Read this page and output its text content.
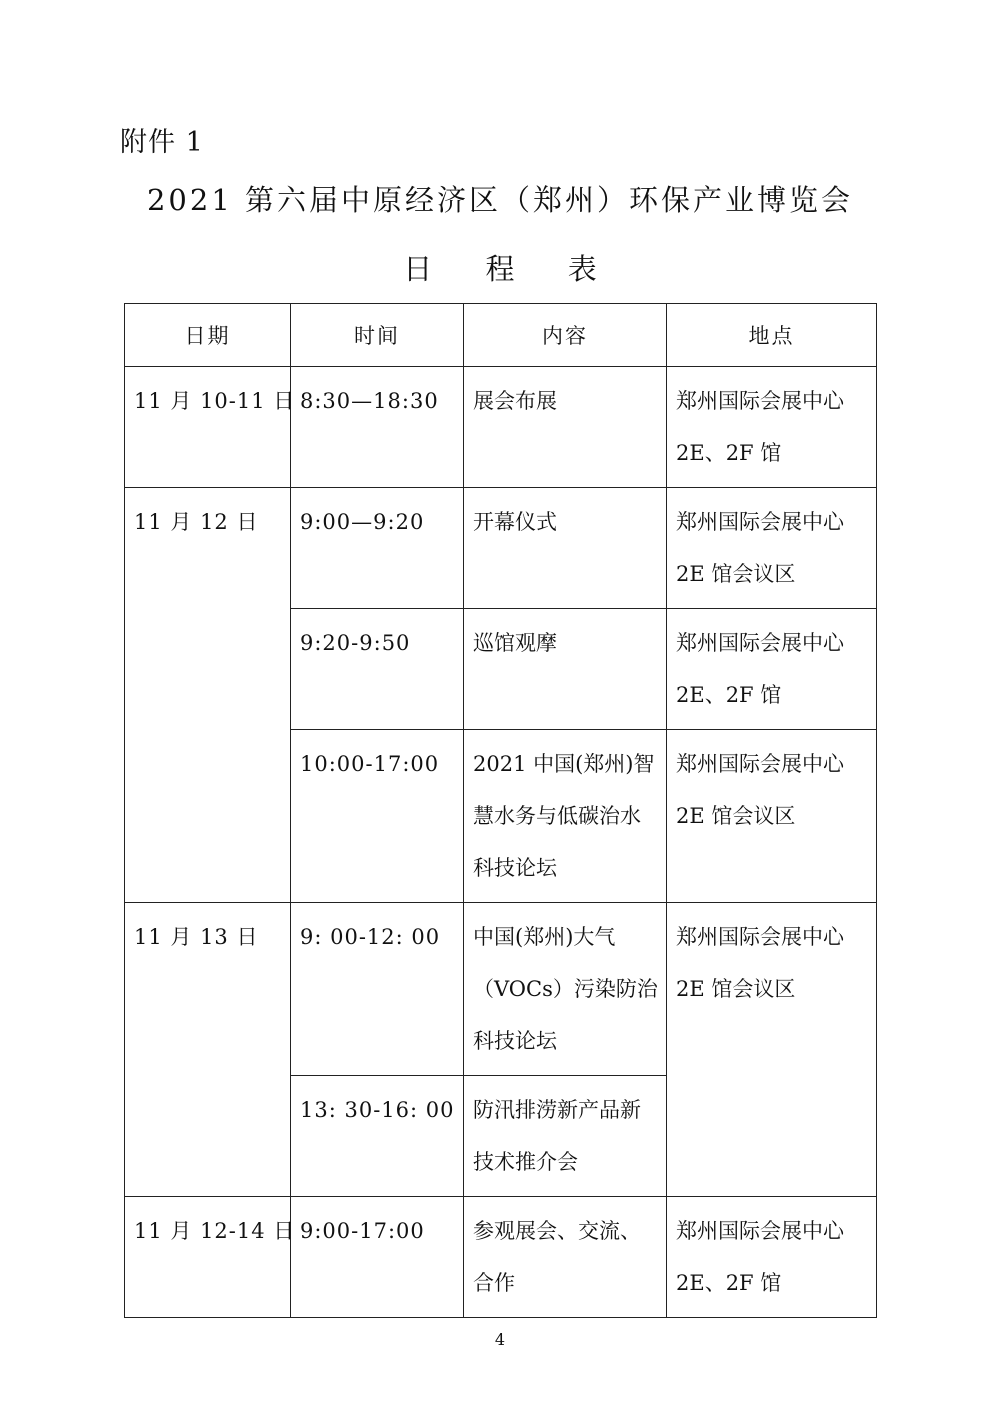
附件 1
2021 第六届中原经济区（郑州）环保产业博览会
日 程 表
日期	时间	内容	地点
11 月 10-11 日	8:30—18:30	展会布展	郑州国际会展中心 2E、2F 馆
11 月 12 日	9:00—9:20	开幕仪式	郑州国际会展中心 2E 馆会议区
	9:20-9:50	巡馆观摩	郑州国际会展中心 2E、2F 馆
	10:00-17:00	2021 中国(郑州)智慧水务与低碳治水科技论坛	郑州国际会展中心 2E 馆会议区
11 月 13 日	9: 00-12: 00	中国(郑州)大气（VOCs）污染防治科技论坛	郑州国际会展中心 2E 馆会议区
	13: 30-16: 00	防汛排涝新产品新技术推介会	
11 月 12-14 日	9:00-17:00	参观展会、交流、合作	郑州国际会展中心 2E、2F 馆
4
